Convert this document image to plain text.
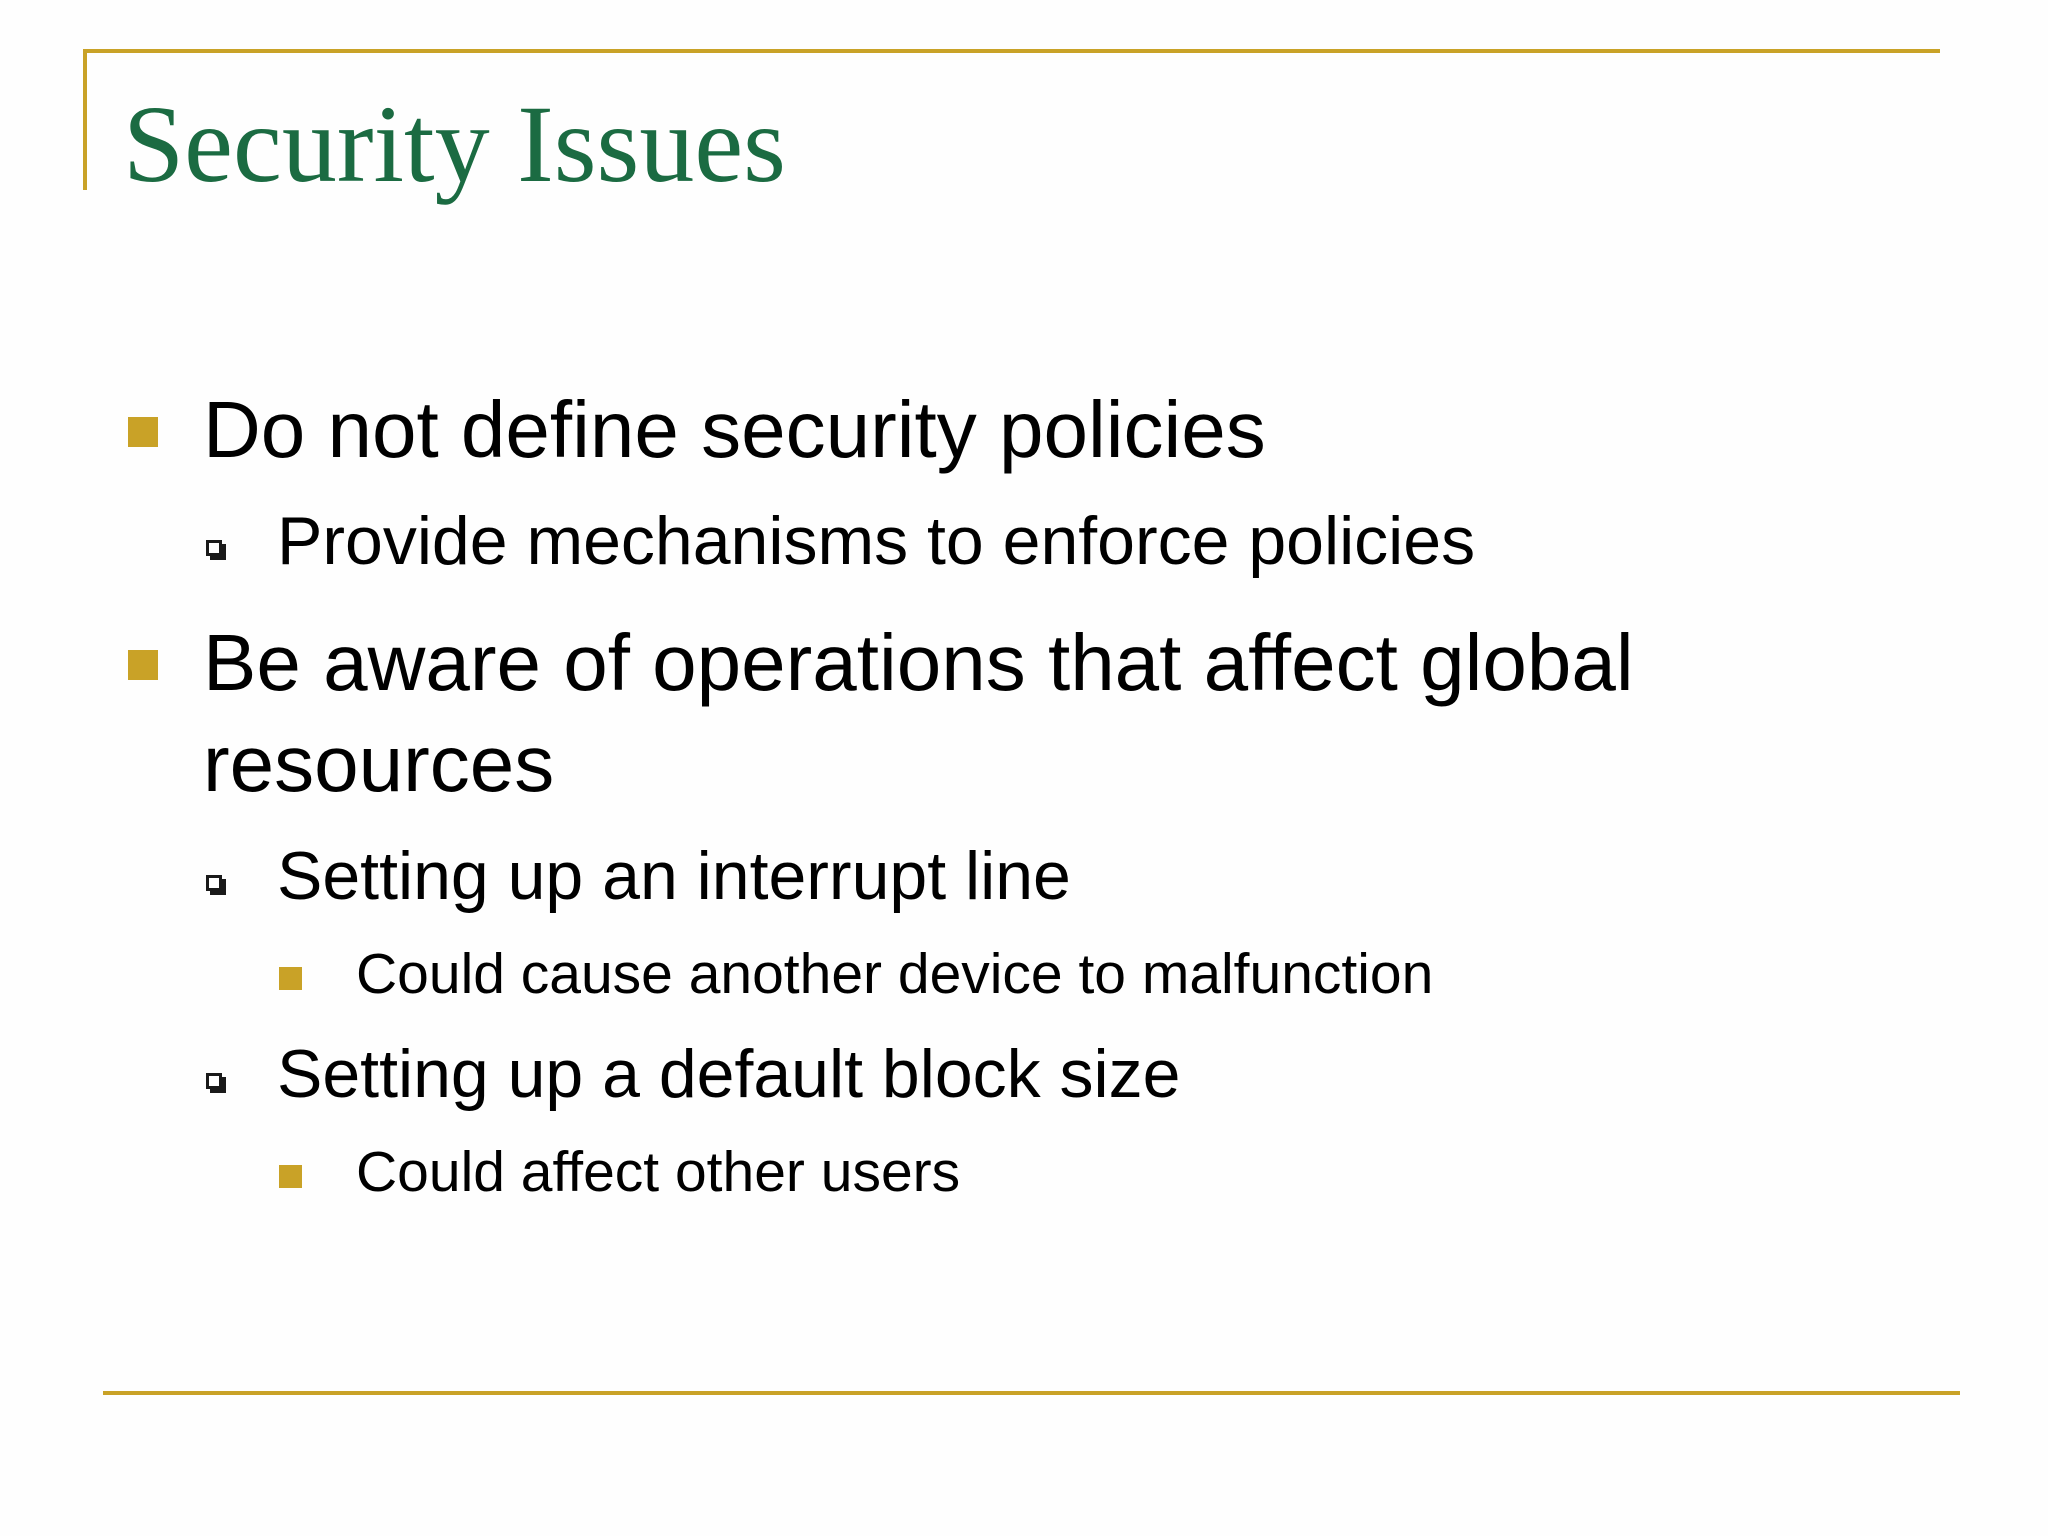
Security Issues
Do not define security policies
Provide mechanisms to enforce policies
Be aware of operations that affect global
resources
Setting up an interrupt line
Could cause another device to malfunction
Setting up a default block size
Could affect other users
